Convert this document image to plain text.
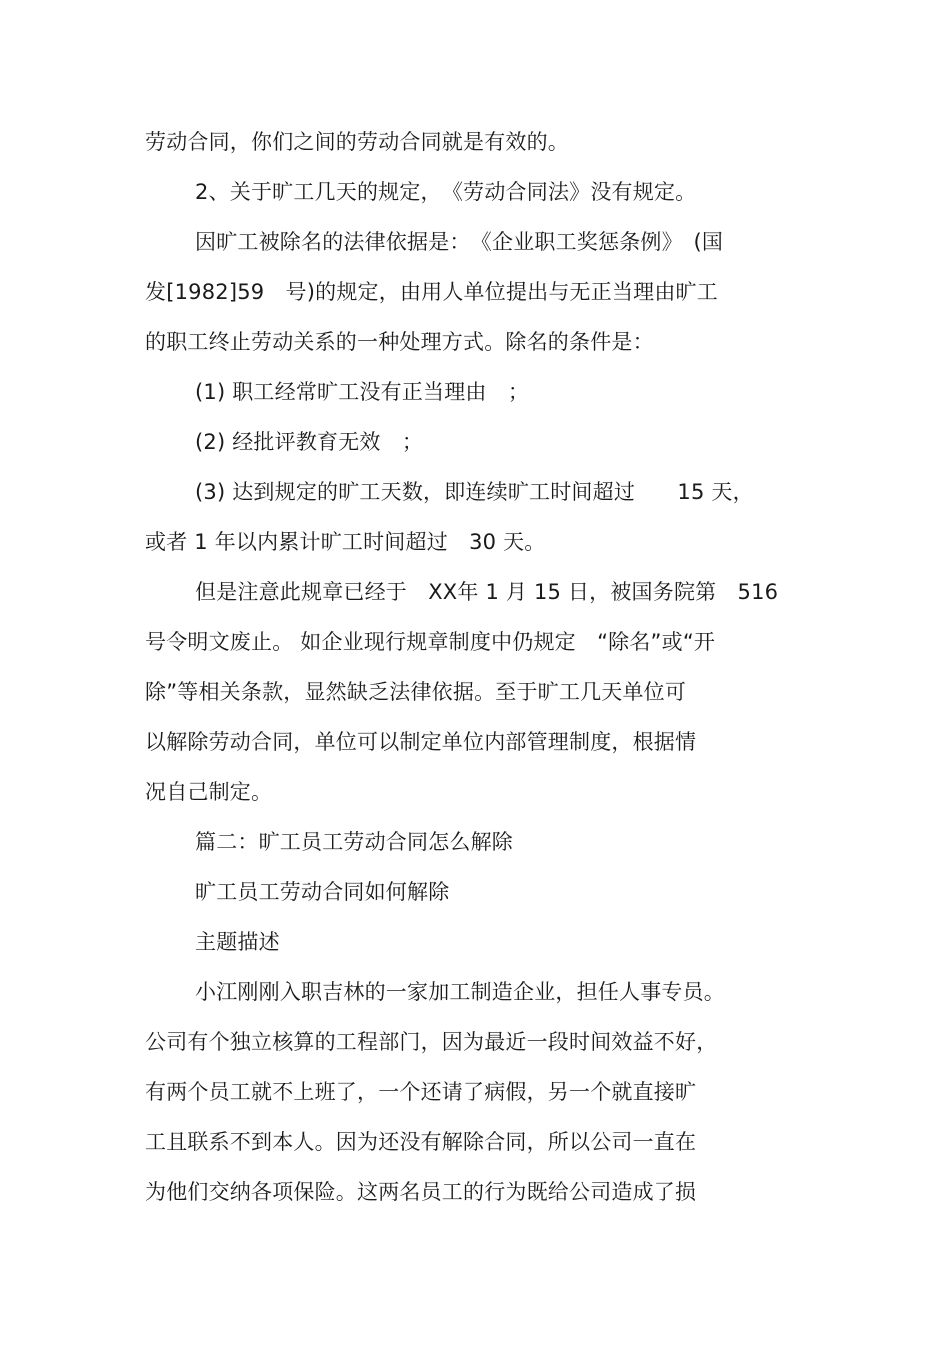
劳动合同，你们之间的劳动合同就是有效的。
2、关于旷工几天的规定，　《劳动合同法》没有规定。
因旷工被除名的法律依据是：　《企业职工奖惩条例》　(国
发[1982]59　号)的规定，由用人单位提出与无正当理由旷工
的职工终止劳动关系的一种处理方式。除名的条件是：
(1) 职工经常旷工没有正当理由　；
(2) 经批评教育无效　；
(3) 达到规定的旷工天数，即连续旷工时间超过　　15 天，
或者 1 年以内累计旷工时间超过　30 天。
但是注意此规章已经于　XX年 1 月 15 日，被国务院第　516
号令明文废止。 如企业现行规章制度中仍规定　“除名”或“开
除”等相关条款，显然缺乏法律依据。至于旷工几天单位可
以解除劳动合同，单位可以制定单位内部管理制度，根据情
况自己制定。
篇二：旷工员工劳动合同怎么解除
旷工员工劳动合同如何解除
主题描述
小江刚刚入职吉林的一家加工制造企业，担任人事专员。
公司有个独立核算的工程部门，因为最近一段时间效益不好，
有两个员工就不上班了，一个还请了病假，另一个就直接旷
工且联系不到本人。因为还没有解除合同，所以公司一直在
为他们交纳各项保险。这两名员工的行为既给公司造成了损
